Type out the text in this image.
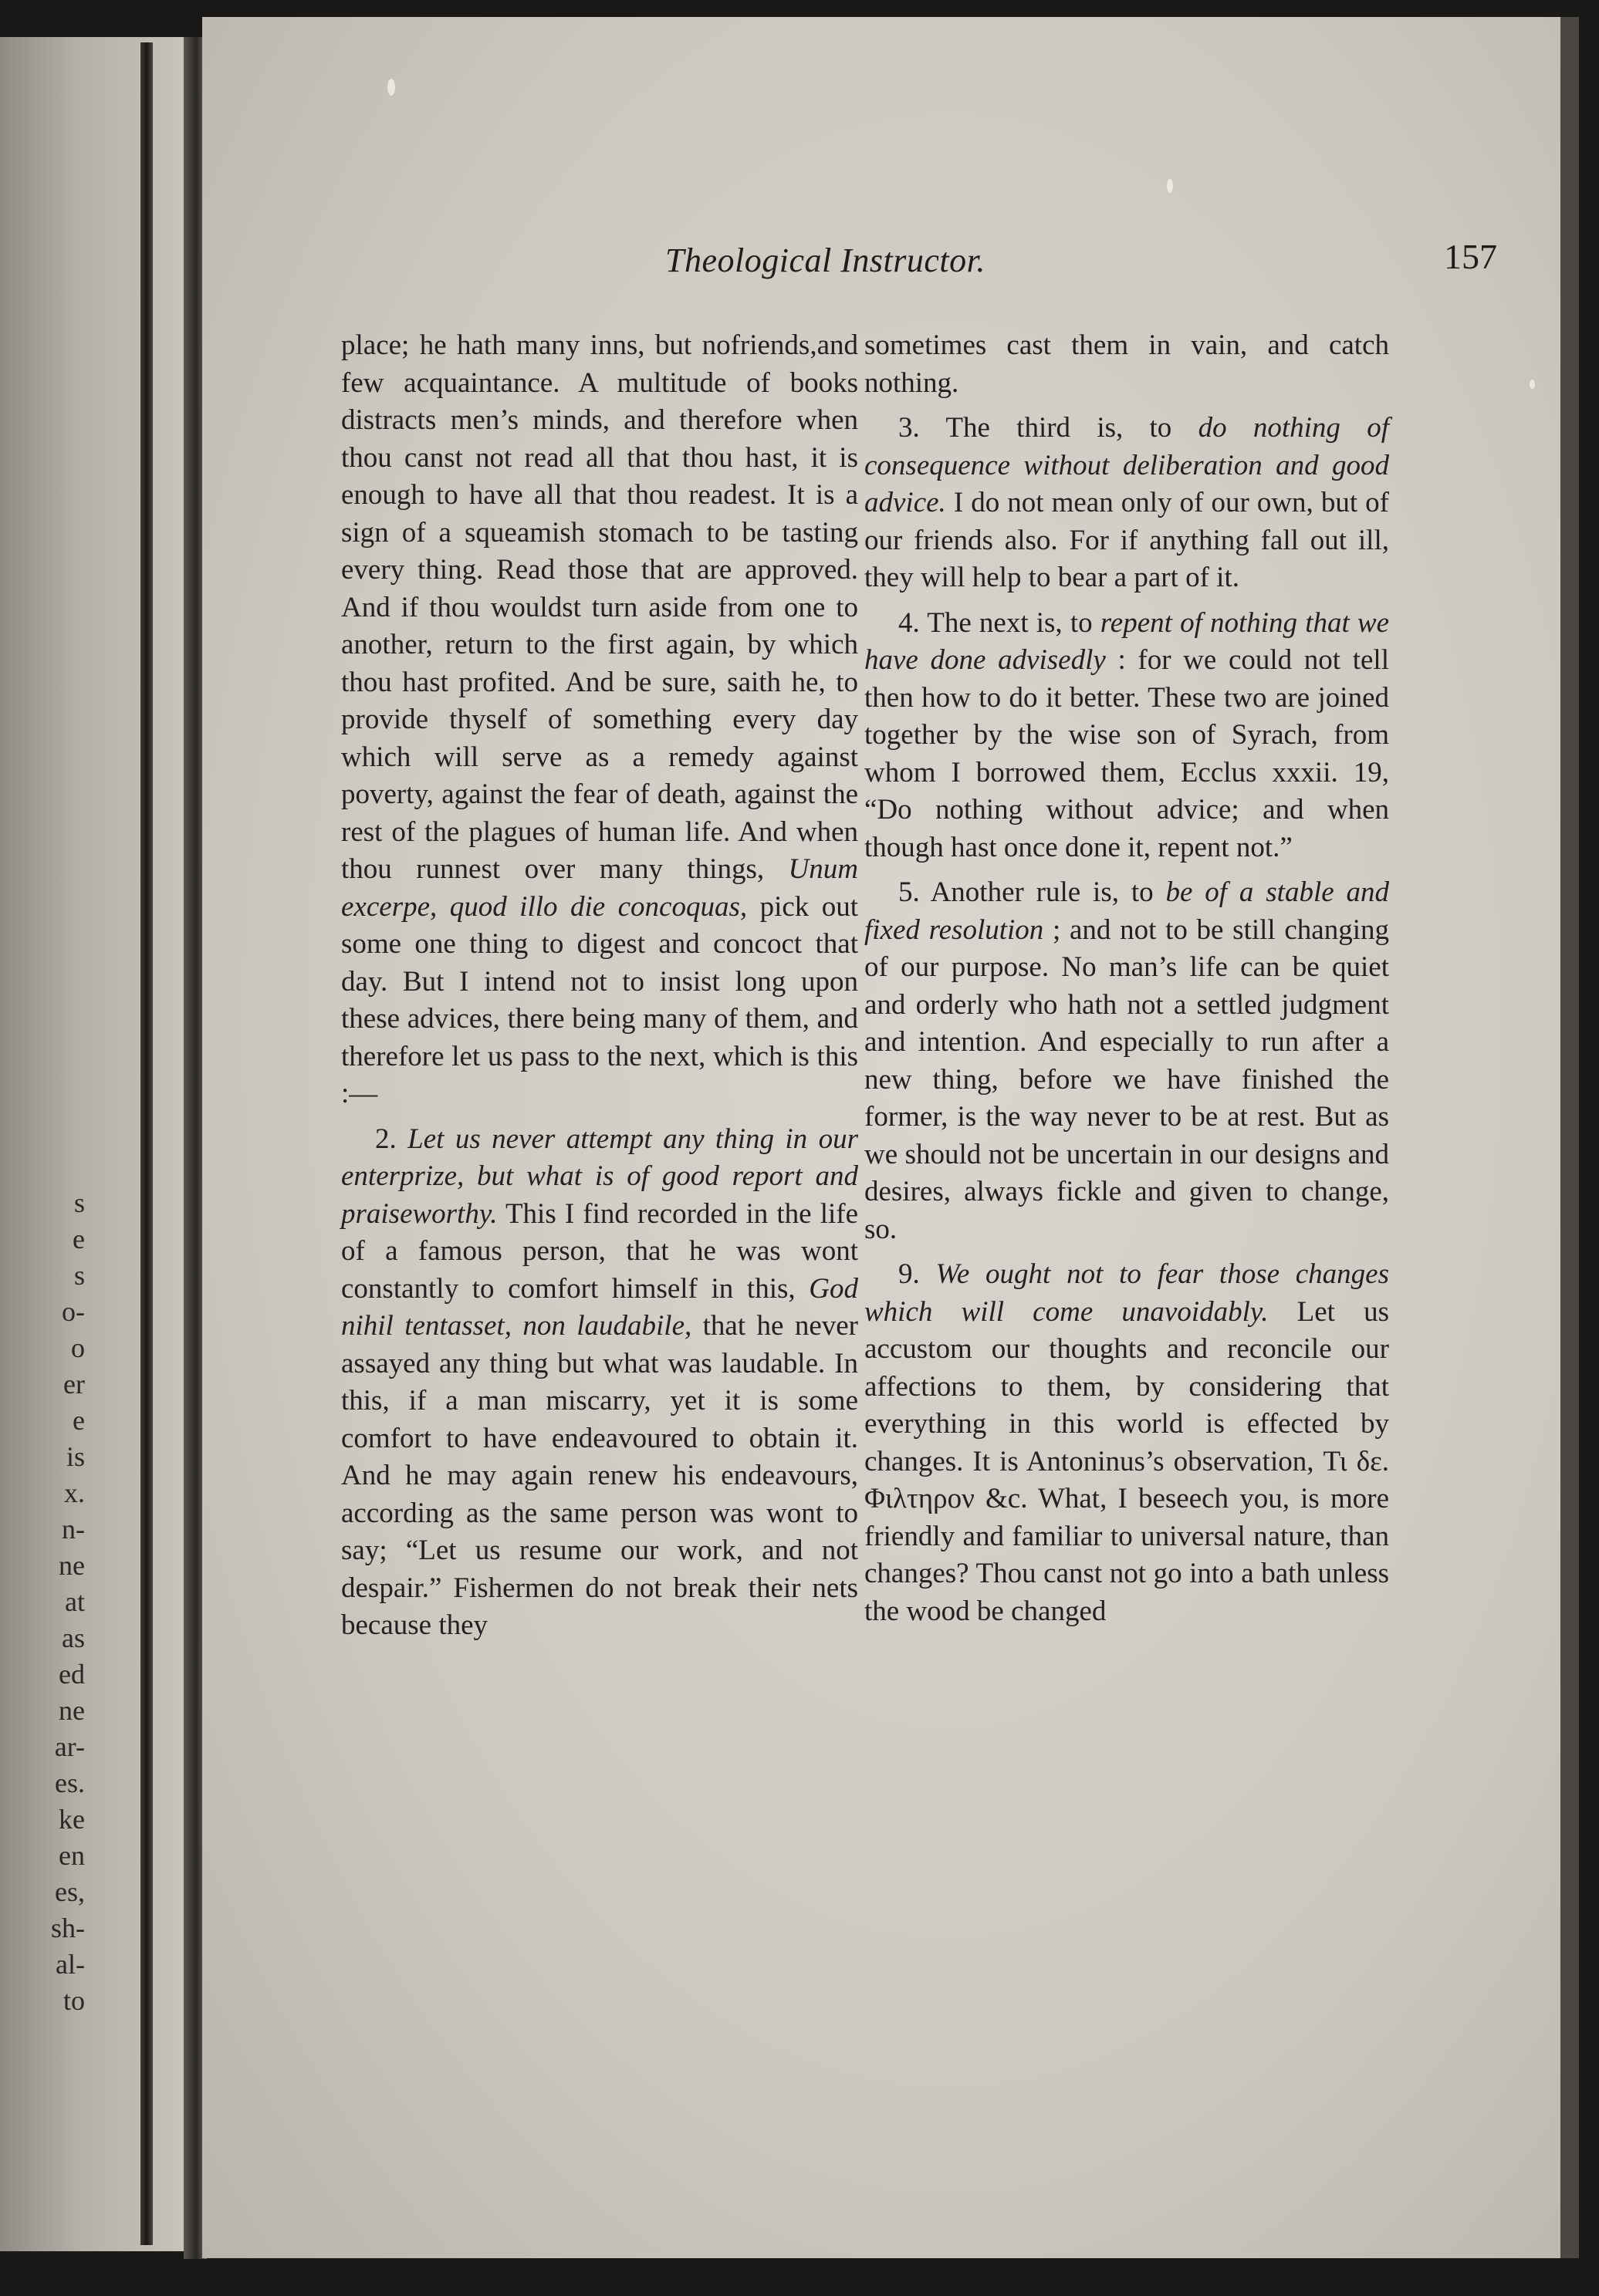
s
e
s
o-
o
er
e
is
x.
n-
ne
at
as
ed
ne
ar-
es.
ke
en
es,
sh-
al-
to
Theological Instructor.	157

place; he hath many inns, but nofriends,and few acquaintance. A multitude of books distracts men’s minds, and therefore when thou canst not read all that thou hast, it is enough to have all that thou readest. It is a sign of a squeamish stomach to be tasting every thing. Read those that are approved. And if thou wouldst turn aside from one to another, return to the first again, by which thou hast profited. And be sure, saith he, to provide thyself of something every day which will serve as a remedy against poverty, against the fear of death, against the rest of the plagues of human life. And when thou runnest over many things, Unum excerpe, quod illo die concoquas, pick out some one thing to digest and concoct that day. But I intend not to insist long upon these advices, there being many of them, and therefore let us pass to the next, which is this :—

2. Let us never attempt any thing in our enterprize, but what is of good report and praiseworthy. This I find recorded in the life of a famous person, that he was wont constantly to comfort himself in this, God nihil tentasset, non laudabile, that he never assayed any thing but what was laudable. In this, if a man miscarry, yet it is some comfort to have endeavoured to obtain it. And he may again renew his endeavours, according as the same person was wont to say; “Let us resume our work, and not despair.” Fishermen do not break their nets because they

sometimes cast them in vain, and catch nothing.

3. The third is, to do nothing of consequence without deliberation and good advice. I do not mean only of our own, but of our friends also. For if anything fall out ill, they will help to bear a part of it.

4. The next is, to repent of nothing that we have done advisedly : for we could not tell then how to do it better. These two are joined together by the wise son of Syrach, from whom I borrowed them, Ecclus xxxii. 19, “Do nothing without advice; and when though hast once done it, repent not.”

5. Another rule is, to be of a stable and fixed resolution ; and not to be still changing of our purpose. No man’s life can be quiet and orderly who hath not a settled judgment and intention. And especially to run after a new thing, before we have finished the former, is the way never to be at rest. But as we should not be uncertain in our designs and desires, always fickle and given to change, so.

9. We ought not to fear those changes which will come unavoidably. Let us accustom our thoughts and reconcile our affections to them, by considering that everything in this world is effected by changes. It is Antoninus’s observation, Τι δε. Φιλτηρον &c. What, I beseech you, is more friendly and familiar to universal nature, than changes? Thou canst not go into a bath unless the wood be changed
